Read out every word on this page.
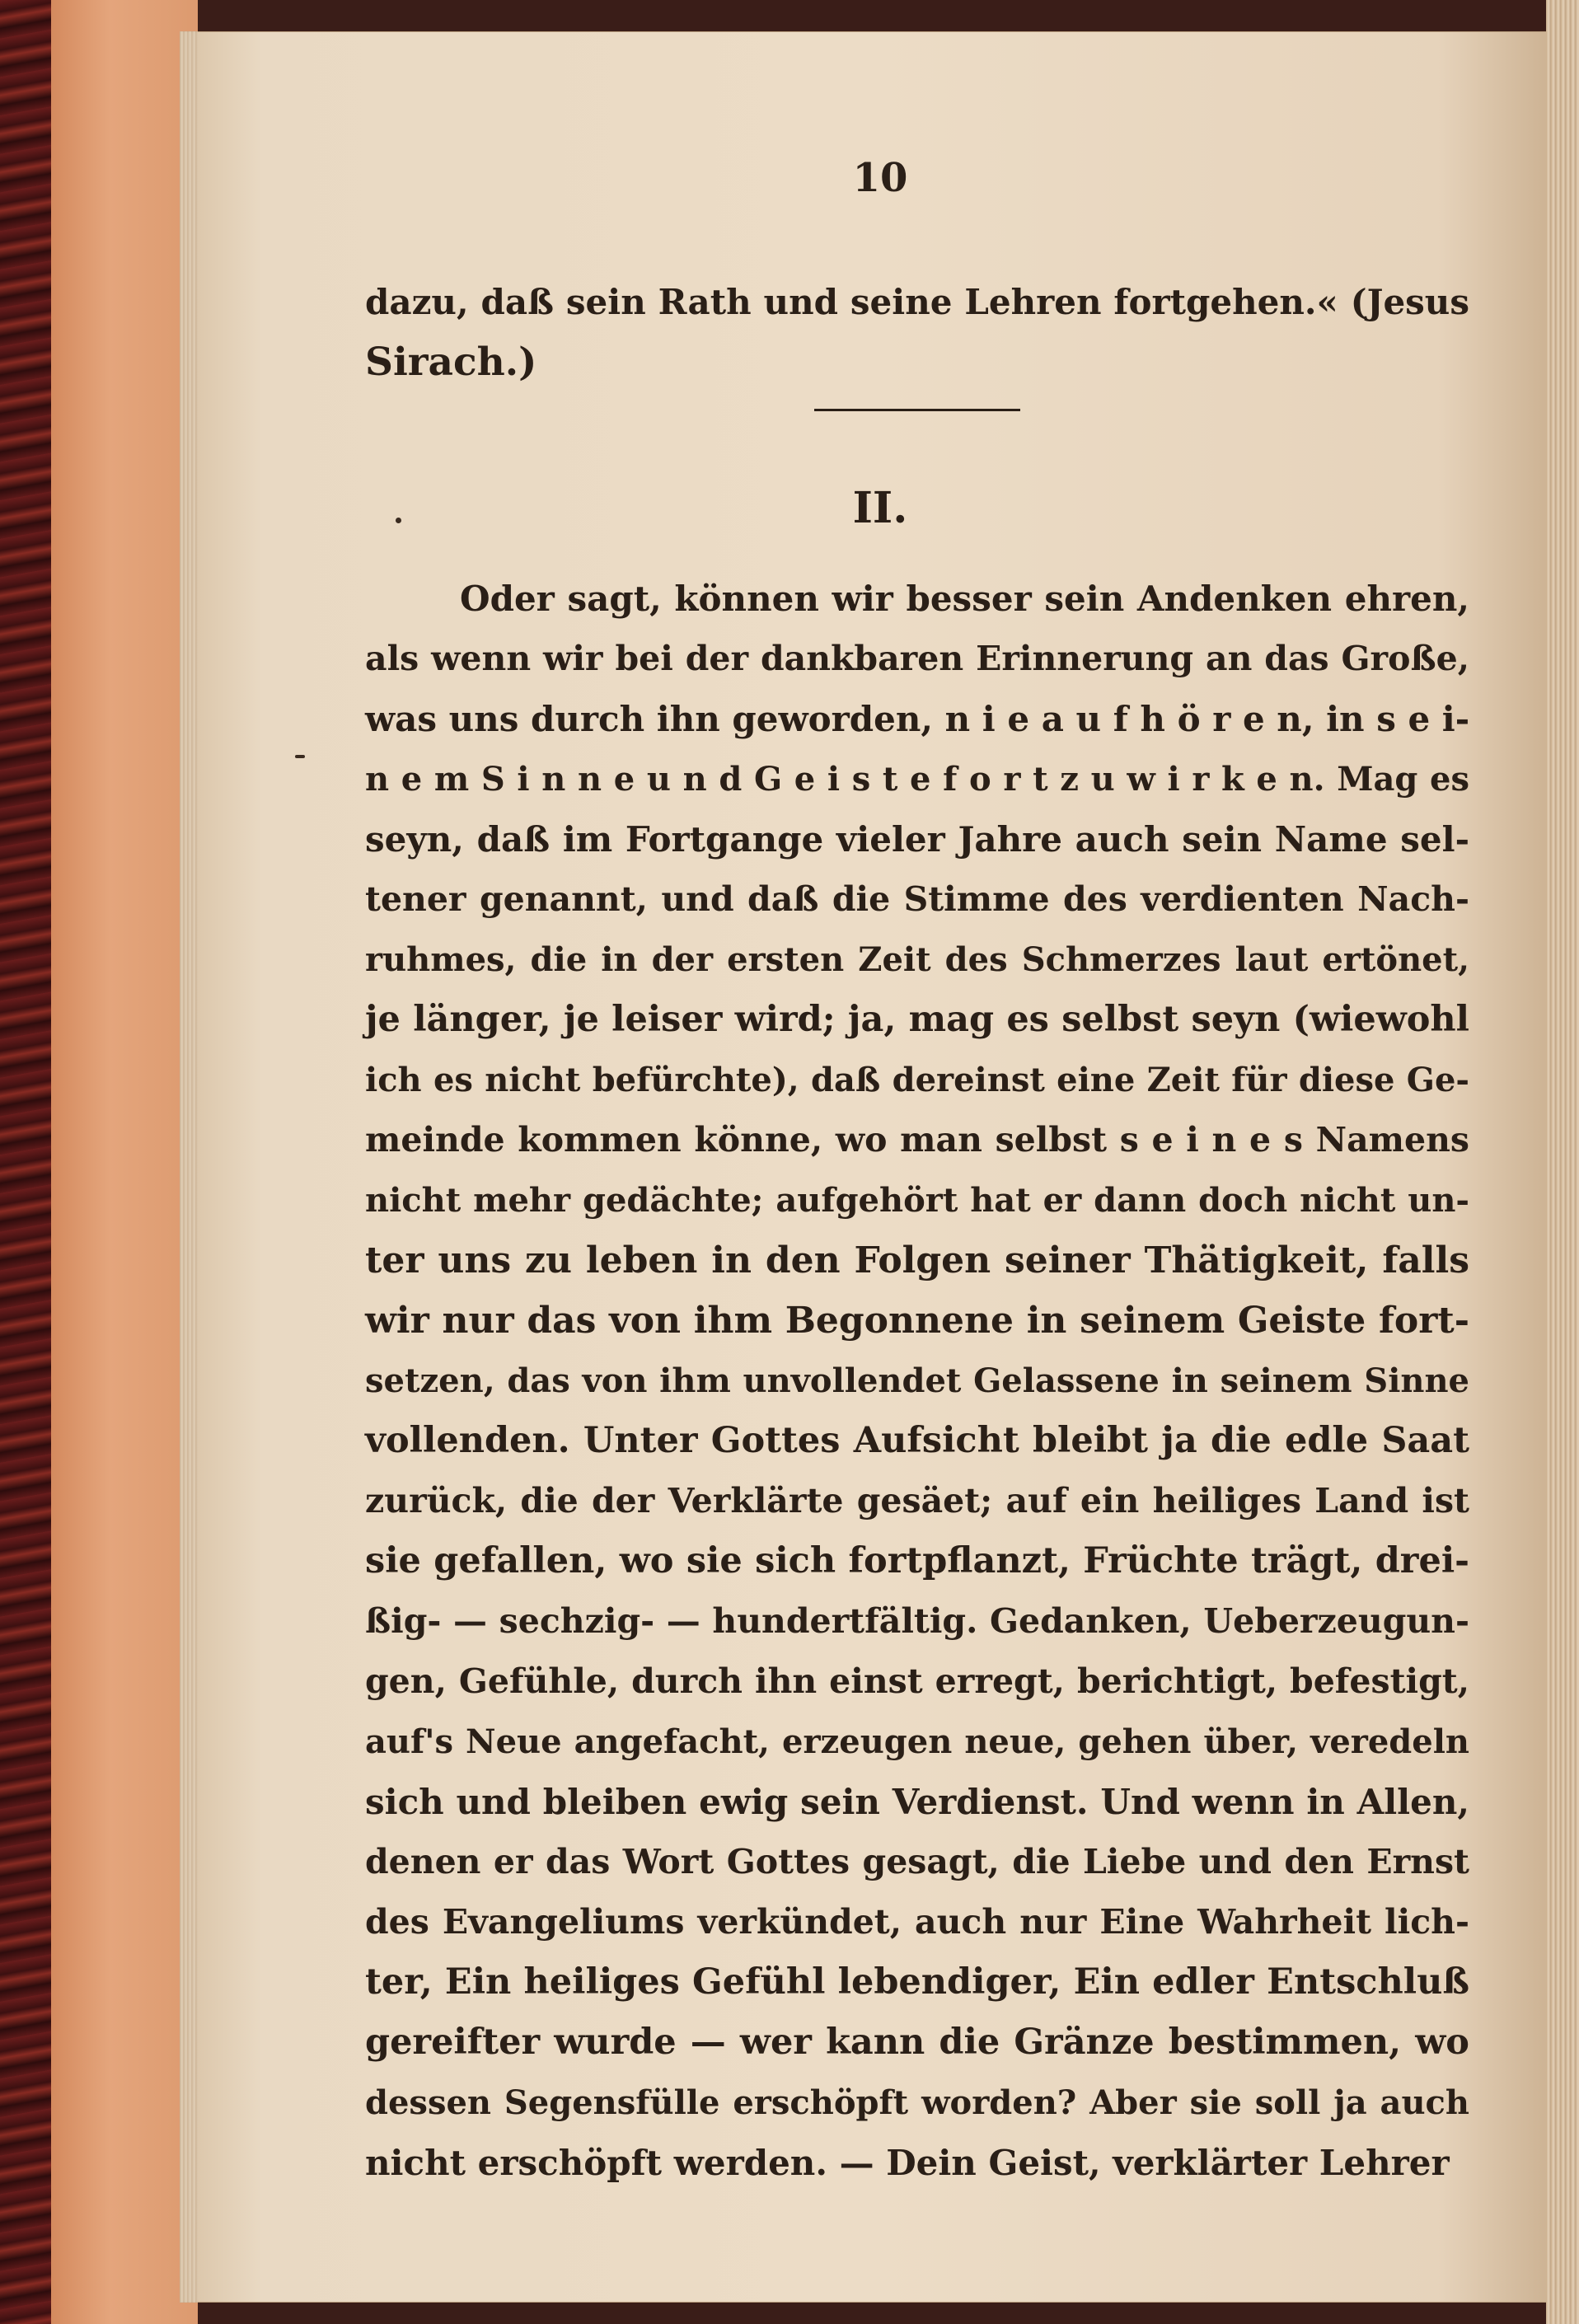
10
dazu, daß sein Rath und seine Lehren fortgehen.« (Jesus
Sirach.)
II.
Oder sagt, können wir besser sein Andenken ehren,
als wenn wir bei der dankbaren Erinnerung an das Große,
was uns durch ihn geworden, n i e a u f h ö r e n, in s e i-
n e m S i n n e u n d G e i s t e f o r t z u w i r k e n. Mag es
seyn, daß im Fortgange vieler Jahre auch sein Name sel-
tener genannt, und daß die Stimme des verdienten Nach-
ruhmes, die in der ersten Zeit des Schmerzes laut ertönet,
je länger, je leiser wird; ja, mag es selbst seyn (wiewohl
ich es nicht befürchte), daß dereinst eine Zeit für diese Ge-
meinde kommen könne, wo man selbst s e i n e s Namens
nicht mehr gedächte; aufgehört hat er dann doch nicht un-
ter uns zu leben in den Folgen seiner Thätigkeit, falls
wir nur das von ihm Begonnene in seinem Geiste fort-
setzen, das von ihm unvollendet Gelassene in seinem Sinne
vollenden. Unter Gottes Aufsicht bleibt ja die edle Saat
zurück, die der Verklärte gesäet; auf ein heiliges Land ist
sie gefallen, wo sie sich fortpflanzt, Früchte trägt, drei-
ßig- — sechzig- — hundertfältig. Gedanken, Ueberzeugun-
gen, Gefühle, durch ihn einst erregt, berichtigt, befestigt,
auf's Neue angefacht, erzeugen neue, gehen über, veredeln
sich und bleiben ewig sein Verdienst. Und wenn in Allen,
denen er das Wort Gottes gesagt, die Liebe und den Ernst
des Evangeliums verkündet, auch nur Eine Wahrheit lich-
ter, Ein heiliges Gefühl lebendiger, Ein edler Entschluß
gereifter wurde — wer kann die Gränze bestimmen, wo
dessen Segensfülle erschöpft worden? Aber sie soll ja auch
nicht erschöpft werden. — Dein Geist, verklärter Lehrer
